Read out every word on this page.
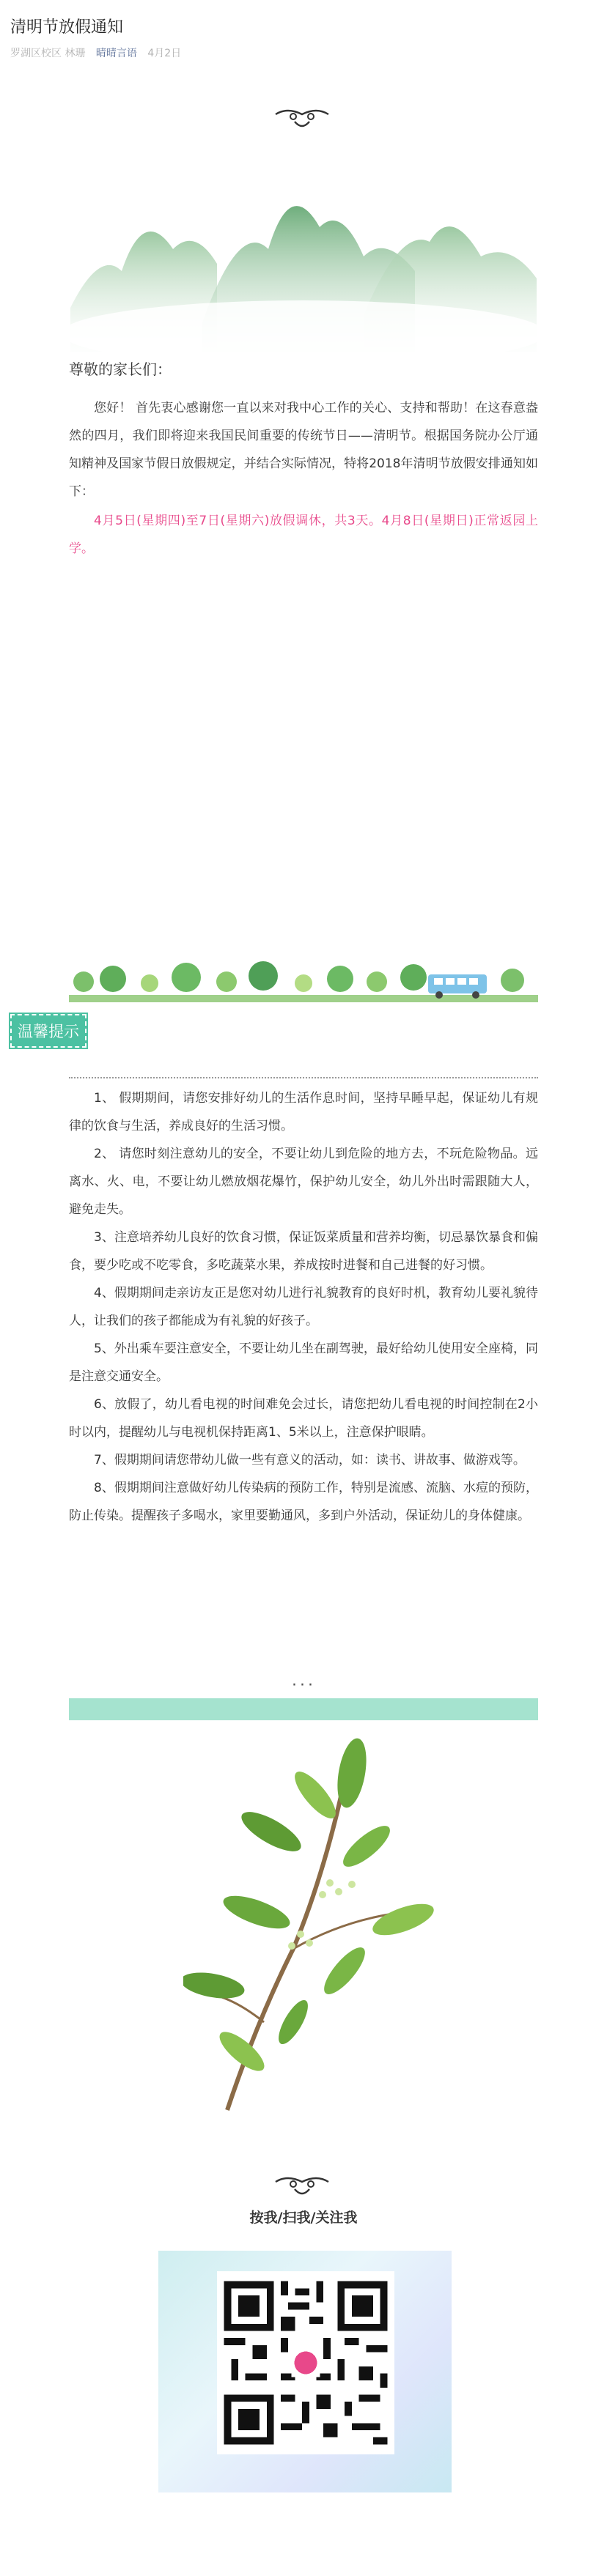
清明节放假通知
罗湖区校区 林珊 晴晴言语 4月2日
尊敬的家长们：
您好！ 首先衷心感谢您一直以来对我中心工作的关心、支持和帮助！在这春意盎然的四月，我们即将迎来我国民间重要的传统节日——清明节。根据国务院办公厅通知精神及国家节假日放假规定，并结合实际情况，特将2018年清明节放假安排通知如下：
4月5日(星期四)至7日(星期六)放假调休，共3天。4月8日(星期日)正常返园上学。
温馨提示

1、 假期期间，请您安排好幼儿的生活作息时间，坚持早睡早起，保证幼儿有规律的饮食与生活，养成良好的生活习惯。

2、 请您时刻注意幼儿的安全，不要让幼儿到危险的地方去，不玩危险物品。远离水、火、电，不要让幼儿燃放烟花爆竹，保护幼儿安全，幼儿外出时需跟随大人，避免走失。

3、注意培养幼儿良好的饮食习惯，保证饭菜质量和营养均衡，切忌暴饮暴食和偏食，要少吃或不吃零食，多吃蔬菜水果，养成按时进餐和自己进餐的好习惯。

4、假期期间走亲访友正是您对幼儿进行礼貌教育的良好时机，教育幼儿要礼貌待人，让我们的孩子都能成为有礼貌的好孩子。

5、外出乘车要注意安全，不要让幼儿坐在副驾驶，最好给幼儿使用安全座椅，同是注意交通安全。

6、放假了，幼儿看电视的时间难免会过长，请您把幼儿看电视的时间控制在2小时以内，提醒幼儿与电视机保持距离1、5米以上，注意保护眼睛。

7、假期期间请您带幼儿做一些有意义的活动，如：读书、讲故事、做游戏等。

8、假期期间注意做好幼儿传染病的预防工作，特别是流感、流脑、水痘的预防，防止传染。提醒孩子多喝水，家里要勤通风，多到户外活动，保证幼儿的身体健康。

···
按我/扫我/关注我
